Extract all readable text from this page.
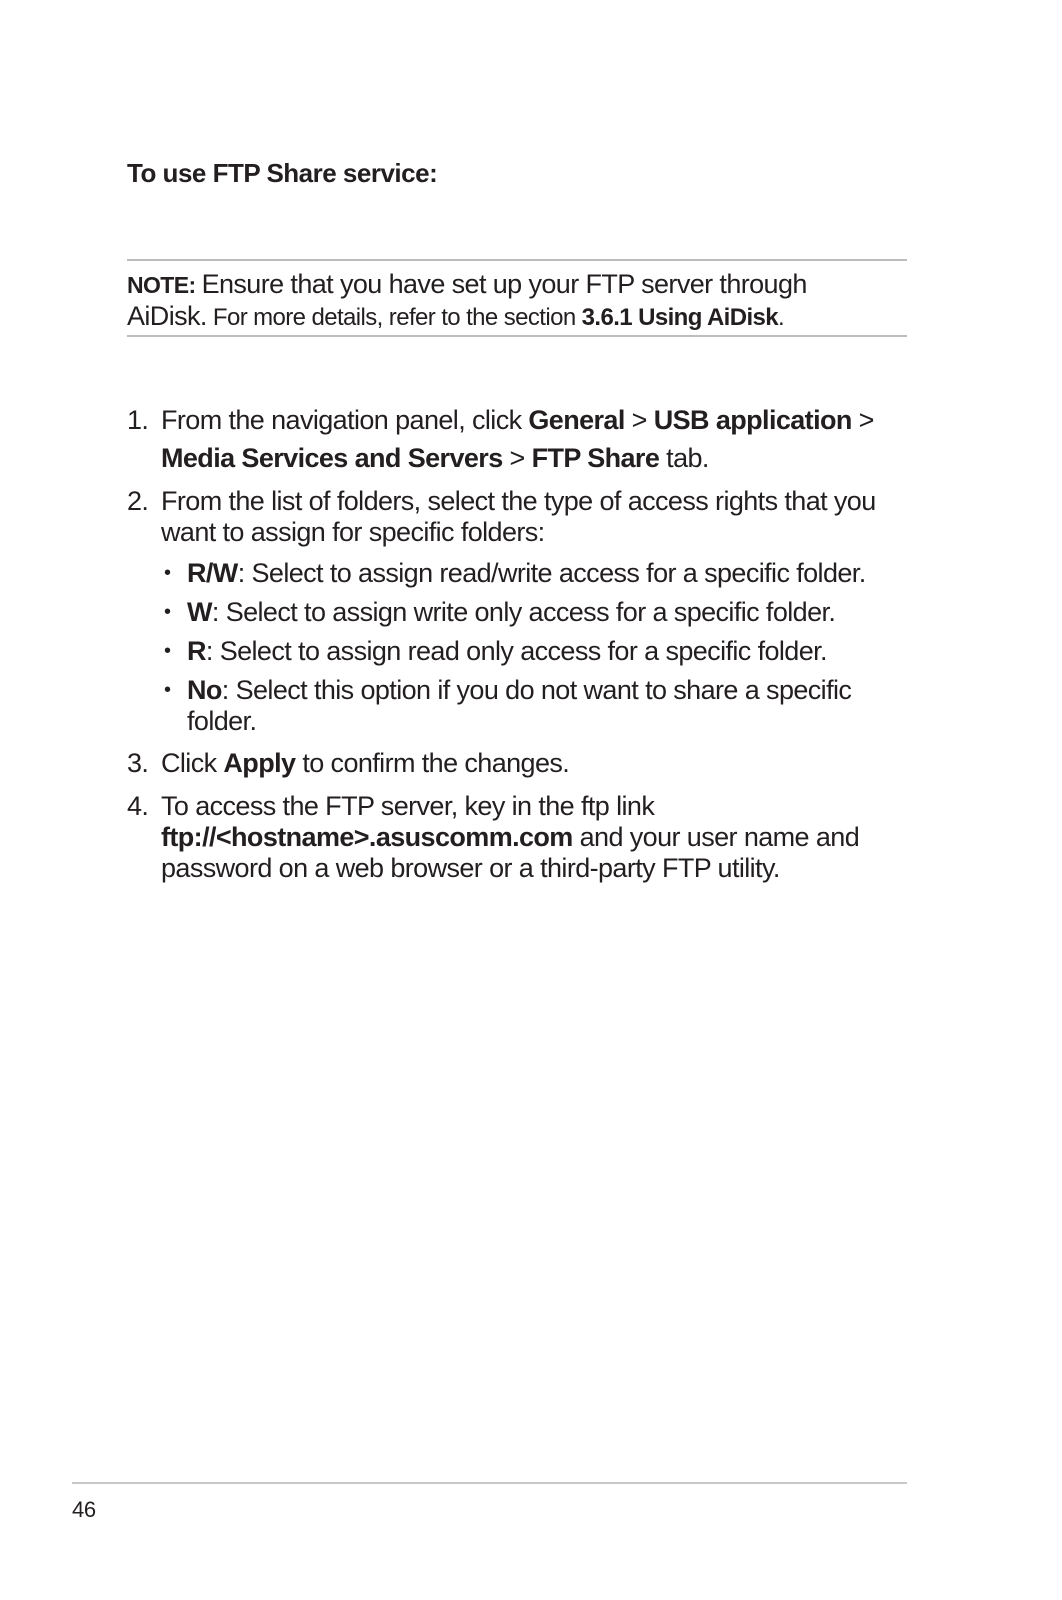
To use FTP Share service:
NOTE: Ensure that you have set up your FTP server through
AiDisk. For more details, refer to the section 3.6.1 Using AiDisk.
1. From the navigation panel, click General > USB application >
Media Services and Servers > FTP Share tab.
2. From the list of folders, select the type of access rights that you
want to assign for specific folders:
• R/W: Select to assign read/write access for a specific folder.
• W: Select to assign write only access for a specific folder.
• R: Select to assign read only access for a specific folder.
• No: Select this option if you do not want to share a specific
folder.
3. Click Apply to confirm the changes.
4. To access the FTP server, key in the ftp link
ftp://<hostname>.asuscomm.com and your user name and
password on a web browser or a third-party FTP utility.
46
